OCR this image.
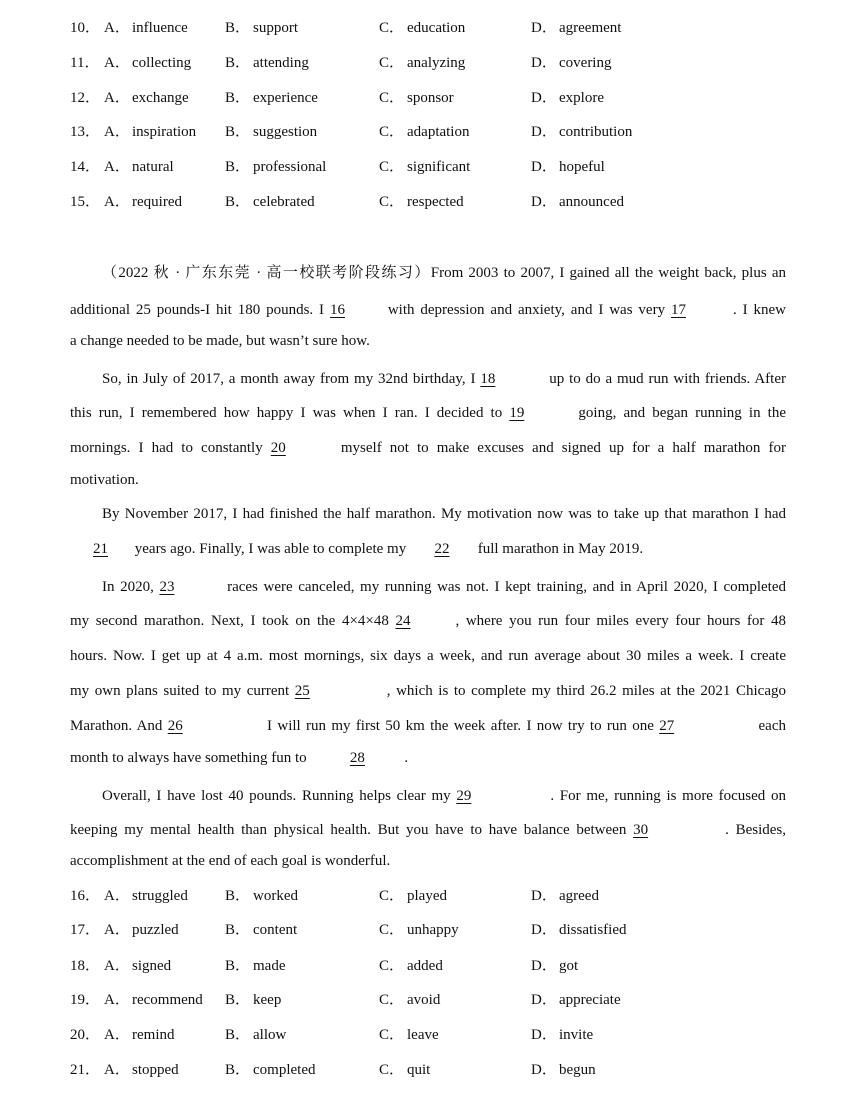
10． A． influence B． support	C． education	D． agreement
11． A． collecting B． attending	C． analyzing	D． covering
12． A． exchange B． experience	C． sponsor	D． explore
13． A． inspiration B． suggestion	C． adaptation	D． contribution
14． A． natural	B． professional	C． significant	D． hopeful
15． A． required	B． celebrated	C． respected	D． announced
（2022 秋 · 广东东莞 · 高一校联考阶段练习）From 2003 to 2007, I gained all the weight back, plus an
additional 25 pounds-I hit 180 pounds. I 16 with depression and anxiety, and I was very 17	. I knew
a change needed to be made, but wasn’t sure how.
So, in July of 2017, a month away from my 32nd birthday, I 18	up to do a mud run with friends. After
this run, I remembered how happy I was when I ran. I decided to 19	going, and began running in the
mornings. I had to constantly 20	myself not to make excuses and signed up for a half marathon for
motivation.
By November 2017, I had finished the half marathon. My motivation now was to take up that marathon I had
21 years ago. Finally, I was able to complete my 22 full marathon in May 2019.
In 2020, 23	races were canceled, my running was not. I kept training, and in April 2020, I completed
my second marathon. Next, I took on the 4×4×48 24	, where you run four miles every four hours for 48
hours. Now. I get up at 4 a.m. most mornings, six days a week, and run average about 30 miles a week. I create
my own plans suited to my current 25	, which is to complete my third 26.2 miles at the 2021 Chicago
Marathon. And 26	I will run my first 50 km the week after. I now try to run one 27	each
month to always have something fun to	28	.
Overall, I have lost 40 pounds. Running helps clear my 29	. For me, running is more focused on
keeping my mental health than physical health. But you have to have balance between 30	. Besides,
accomplishment at the end of each goal is wonderful.
16． A． struggled B． worked	C． played	D． agreed
17． A． puzzled	B． content	C． unhappy	D． dissatisfied
18． A． signed	B． made	C． added	D． got
19． A． recommend B． keep	C． avoid	D． appreciate
20． A． remind	B． allow	C． leave	D． invite
21． A． stopped	B． completed	C． quit	D． begun
